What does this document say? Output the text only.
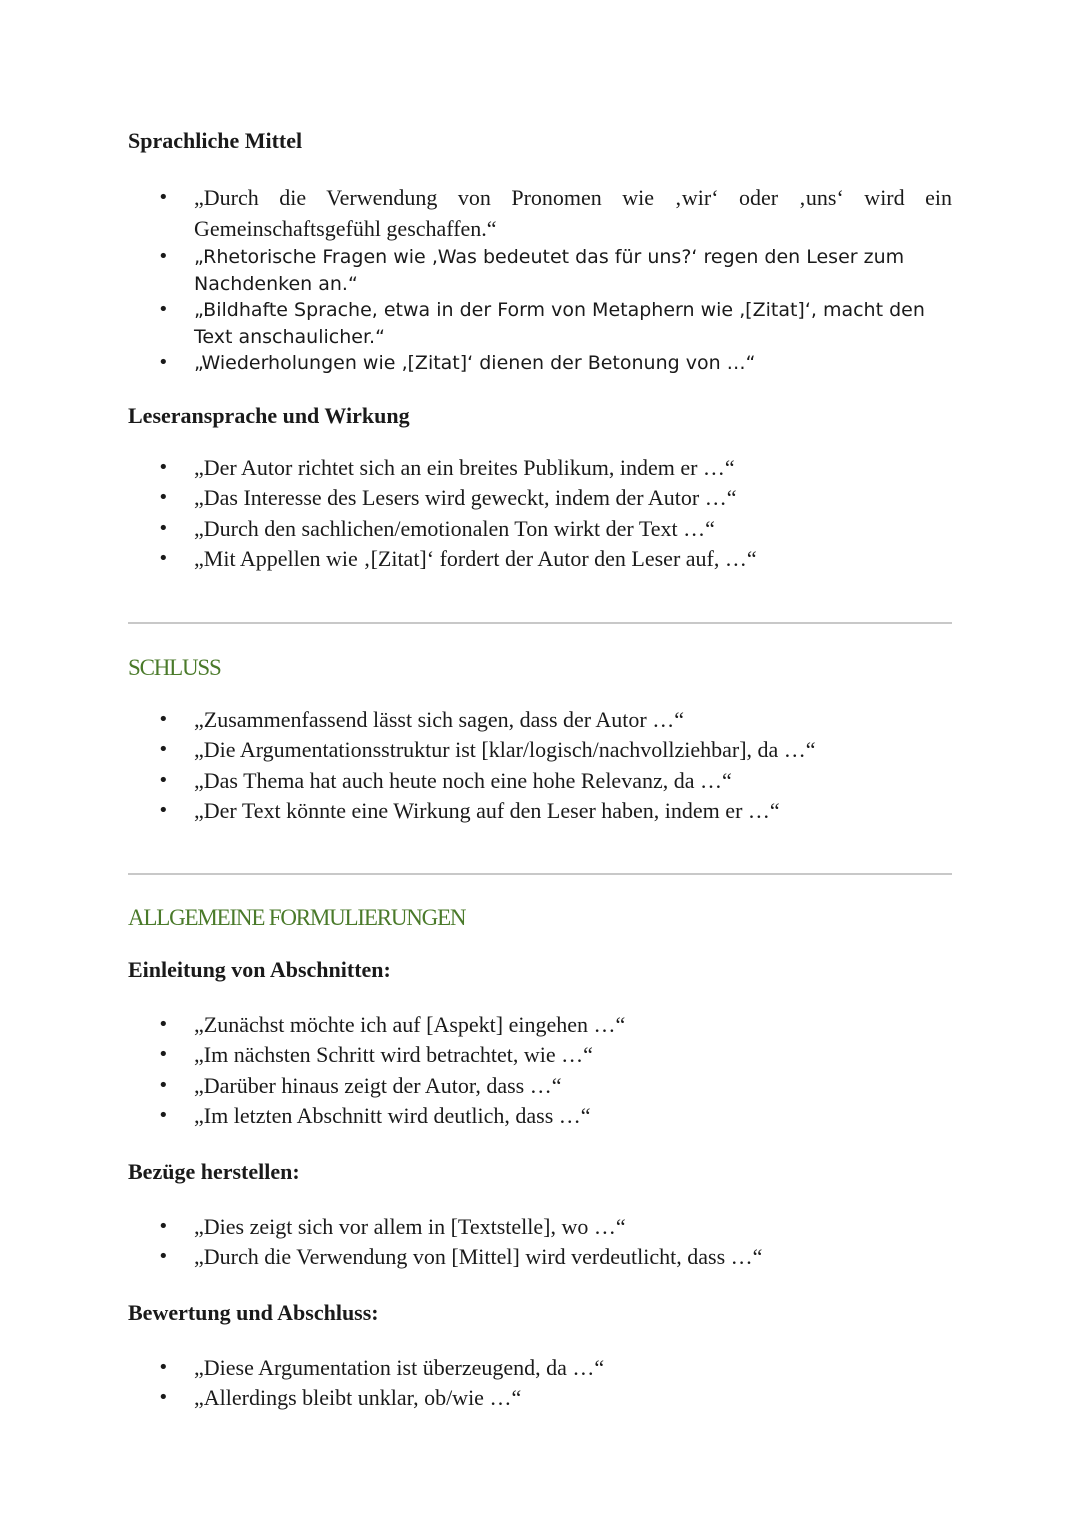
Sprachliche Mittel
• „Durch die Verwendung von Pronomen wie ‚wir‘ oder ‚uns‘ wird ein Gemeinschaftsgefühl geschaffen.“
• „Rhetorische Fragen wie ‚Was bedeutet das für uns?‘ regen den Leser zum Nachdenken an.“
• „Bildhafte Sprache, etwa in der Form von Metaphern wie ‚[Zitat]‘, macht den Text anschaulicher.“
• „Wiederholungen wie ‚[Zitat]‘ dienen der Betonung von …“
Leseransprache und Wirkung
• „Der Autor richtet sich an ein breites Publikum, indem er …“
• „Das Interesse des Lesers wird geweckt, indem der Autor …“
• „Durch den sachlichen/emotionalen Ton wirkt der Text …“
• „Mit Appellen wie ‚[Zitat]‘ fordert der Autor den Leser auf, …“
SCHLUSS
• „Zusammenfassend lässt sich sagen, dass der Autor …“
• „Die Argumentationsstruktur ist [klar/logisch/nachvollziehbar], da …“
• „Das Thema hat auch heute noch eine hohe Relevanz, da …“
• „Der Text könnte eine Wirkung auf den Leser haben, indem er …“
ALLGEMEINE FORMULIERUNGEN
Einleitung von Abschnitten:
• „Zunächst möchte ich auf [Aspekt] eingehen …“
• „Im nächsten Schritt wird betrachtet, wie …“
• „Darüber hinaus zeigt der Autor, dass …“
• „Im letzten Abschnitt wird deutlich, dass …“
Bezüge herstellen:
• „Dies zeigt sich vor allem in [Textstelle], wo …“
• „Durch die Verwendung von [Mittel] wird verdeutlicht, dass …“
Bewertung und Abschluss:
• „Diese Argumentation ist überzeugend, da …“
• „Allerdings bleibt unklar, ob/wie …“
